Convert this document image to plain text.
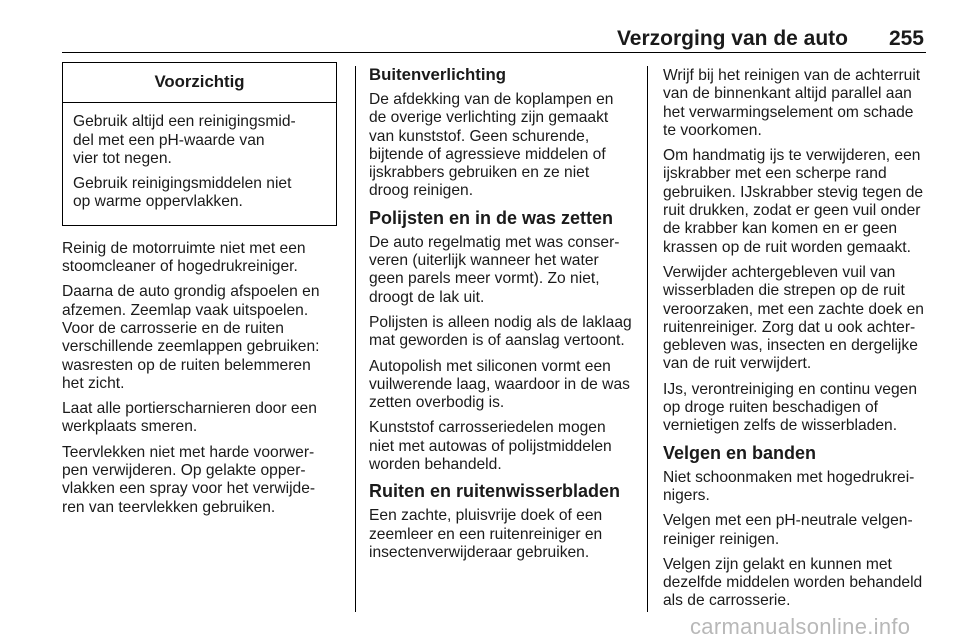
Verzorging van de auto 255
Voorzichtig
Gebruik altijd een reinigingsmid-
del met een pH-waarde van
vier tot negen.
Gebruik reinigingsmiddelen niet
op warme oppervlakken.
Reinig de motorruimte niet met een
stoomcleaner of hogedrukreiniger.
Daarna de auto grondig afspoelen en
afzemen. Zeemlap vaak uitspoelen.
Voor de carrosserie en de ruiten
verschillende zeemlappen gebruiken:
wasresten op de ruiten belemmeren
het zicht.
Laat alle portierscharnieren door een
werkplaats smeren.
Teervlekken niet met harde voorwer-
pen verwijderen. Op gelakte opper-
vlakken een spray voor het verwijde-
ren van teervlekken gebruiken.
Buitenverlichting
De afdekking van de koplampen en
de overige verlichting zijn gemaakt
van kunststof. Geen schurende,
bijtende of agressieve middelen of
ijskrabbers gebruiken en ze niet
droog reinigen.
Polijsten en in de was zetten
De auto regelmatig met was conser-
veren (uiterlijk wanneer het water
geen parels meer vormt). Zo niet,
droogt de lak uit.
Polijsten is alleen nodig als de laklaag
mat geworden is of aanslag vertoont.
Autopolish met siliconen vormt een
vuilwerende laag, waardoor in de was
zetten overbodig is.
Kunststof carrosseriedelen mogen
niet met autowas of polijstmiddelen
worden behandeld.
Ruiten en ruitenwisserbladen
Een zachte, pluisvrije doek of een
zeemleer en een ruitenreiniger en
insectenverwijderaar gebruiken.
Wrijf bij het reinigen van de achterruit
van de binnenkant altijd parallel aan
het verwarmingselement om schade
te voorkomen.
Om handmatig ijs te verwijderen, een
ijskrabber met een scherpe rand
gebruiken. IJskrabber stevig tegen de
ruit drukken, zodat er geen vuil onder
de krabber kan komen en er geen
krassen op de ruit worden gemaakt.
Verwijder achtergebleven vuil van
wisserbladen die strepen op de ruit
veroorzaken, met een zachte doek en
ruitenreiniger. Zorg dat u ook achter-
gebleven was, insecten en dergelijke
van de ruit verwijdert.
IJs, verontreiniging en continu vegen
op droge ruiten beschadigen of
vernietigen zelfs de wisserbladen.
Velgen en banden
Niet schoonmaken met hogedrukrei-
nigers.
Velgen met een pH-neutrale velgen-
reiniger reinigen.
Velgen zijn gelakt en kunnen met
dezelfde middelen worden behandeld
als de carrosserie.
carmanualsonline.info
